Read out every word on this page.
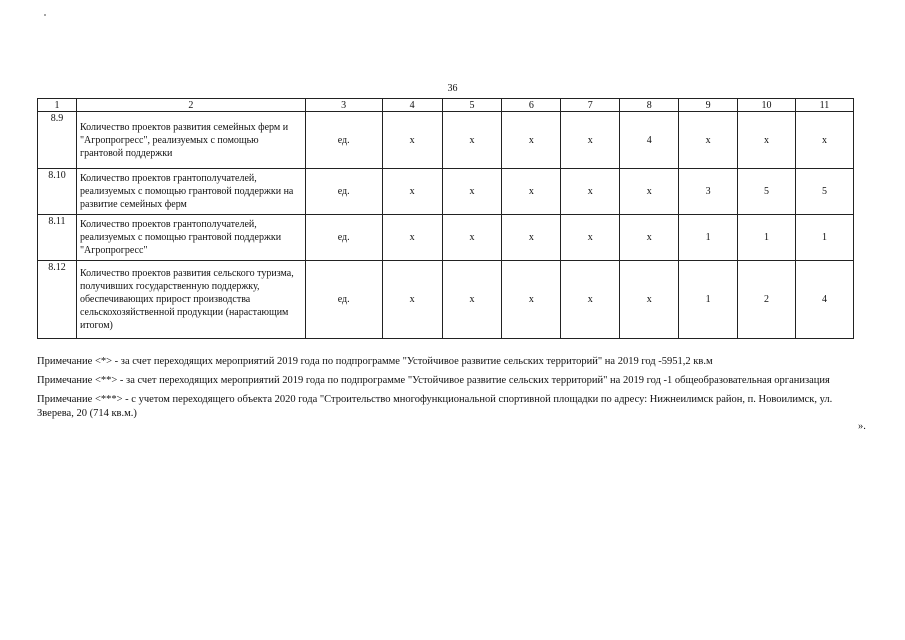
36
1	2	3	4	5	6	7	8	9	10	11
8.9	Количество проектов развития семейных ферм и "Агропрогресс", реализуемых с помощью грантовой поддержки	ед.	х	х	х	х	4	х	х	х
8.10	Количество проектов грантополучателей, реализуемых с помощью грантовой поддержки на развитие семейных ферм	ед.	х	х	х	х	х	3	5	5
8.11	Количество проектов грантополучателей, реализуемых с помощью грантовой поддержки "Агропрогресс"	ед.	х	х	х	х	х	1	1	1
8.12	Количество проектов развития сельского туризма, получивших государственную поддержку, обеспечивающих прирост производства сельскохозяйственной продукции (нарастающим итогом)	ед.	х	х	х	х	х	1	2	4

Примечание <*> - за счет переходящих мероприятий 2019 года по подпрограмме "Устойчивое развитие сельских территорий" на 2019 год -5951,2 кв.м

Примечание <**> - за счет переходящих мероприятий 2019 года по подпрограмме "Устойчивое развитие сельских территорий" на 2019 год -1 общеобразовательная организация

Примечание <***> - с учетом переходящего объекта 2020 года "Строительство многофункциональной спортивной площадки по адресу: Нижнеилимск район, п. Новоилимск, ул. Зверева, 20 (714 кв.м.)

».
